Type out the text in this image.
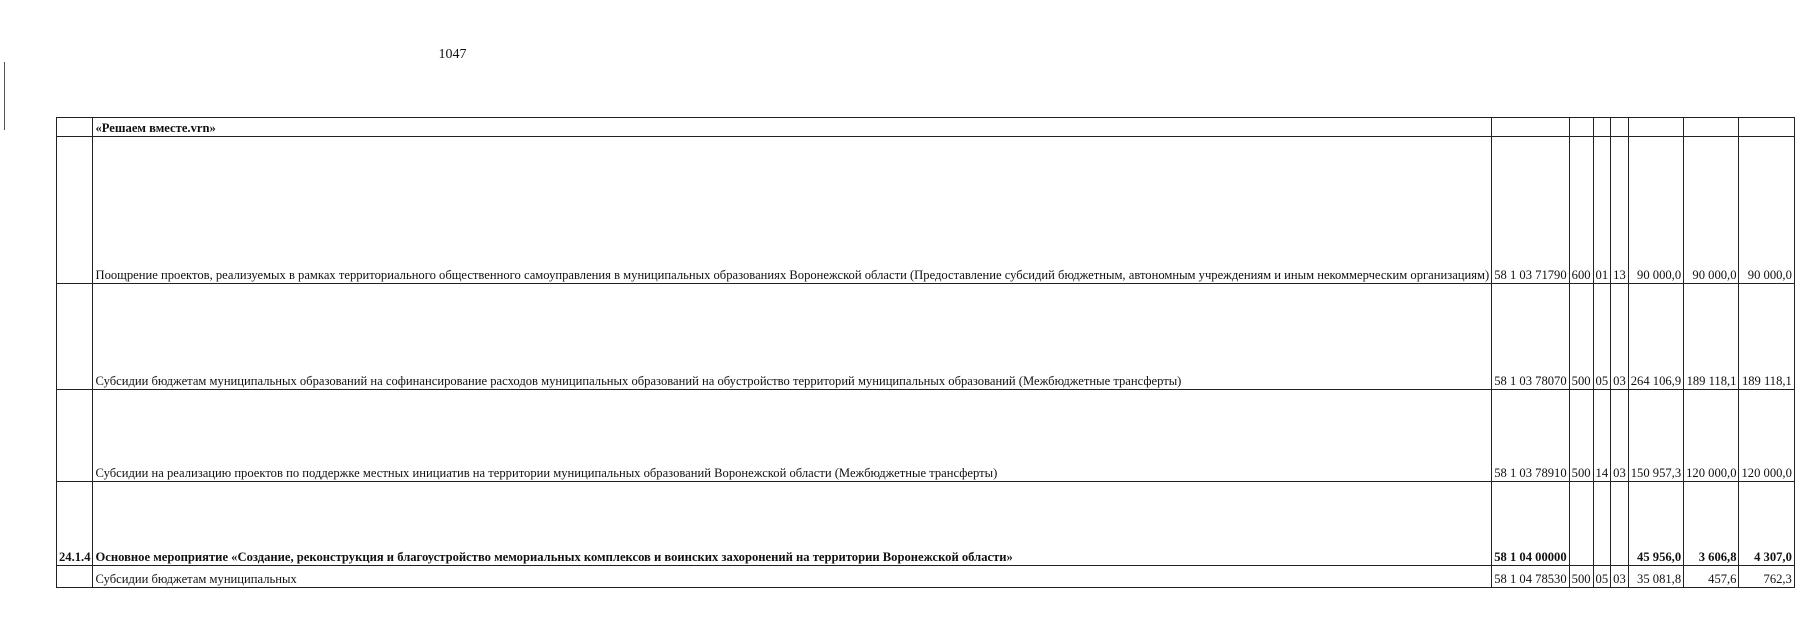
1047
	«Решаем вместе.vrn»							
	Поощрение проектов, реализуемых в рамках территориального общественного самоуправления в муниципальных образованиях Воронежской области (Предоставление субсидий бюджетным, автономным учреждениям и иным некоммерческим организациям)	58 1 03 71790	600	01	13	90 000,0	90 000,0	90 000,0
	Субсидии бюджетам муниципальных образований на софинансирование расходов муниципальных образований на обустройство территорий муниципальных образований (Межбюджетные трансферты)	58 1 03 78070	500	05	03	264 106,9	189 118,1	189 118,1
	Субсидии на реализацию проектов по поддержке местных инициатив на территории муниципальных образований Воронежской области (Межбюджетные трансферты)	58 1 03 78910	500	14	03	150 957,3	120 000,0	120 000,0
24.1.4	Основное мероприятие «Создание, реконструкция и благоустройство мемориальных комплексов и воинских захоронений на территории Воронежской области»	58 1 04 00000				45 956,0	3 606,8	4 307,0
	Субсидии бюджетам муниципальных	58 1 04 78530	500	05	03	35 081,8	457,6	762,3
